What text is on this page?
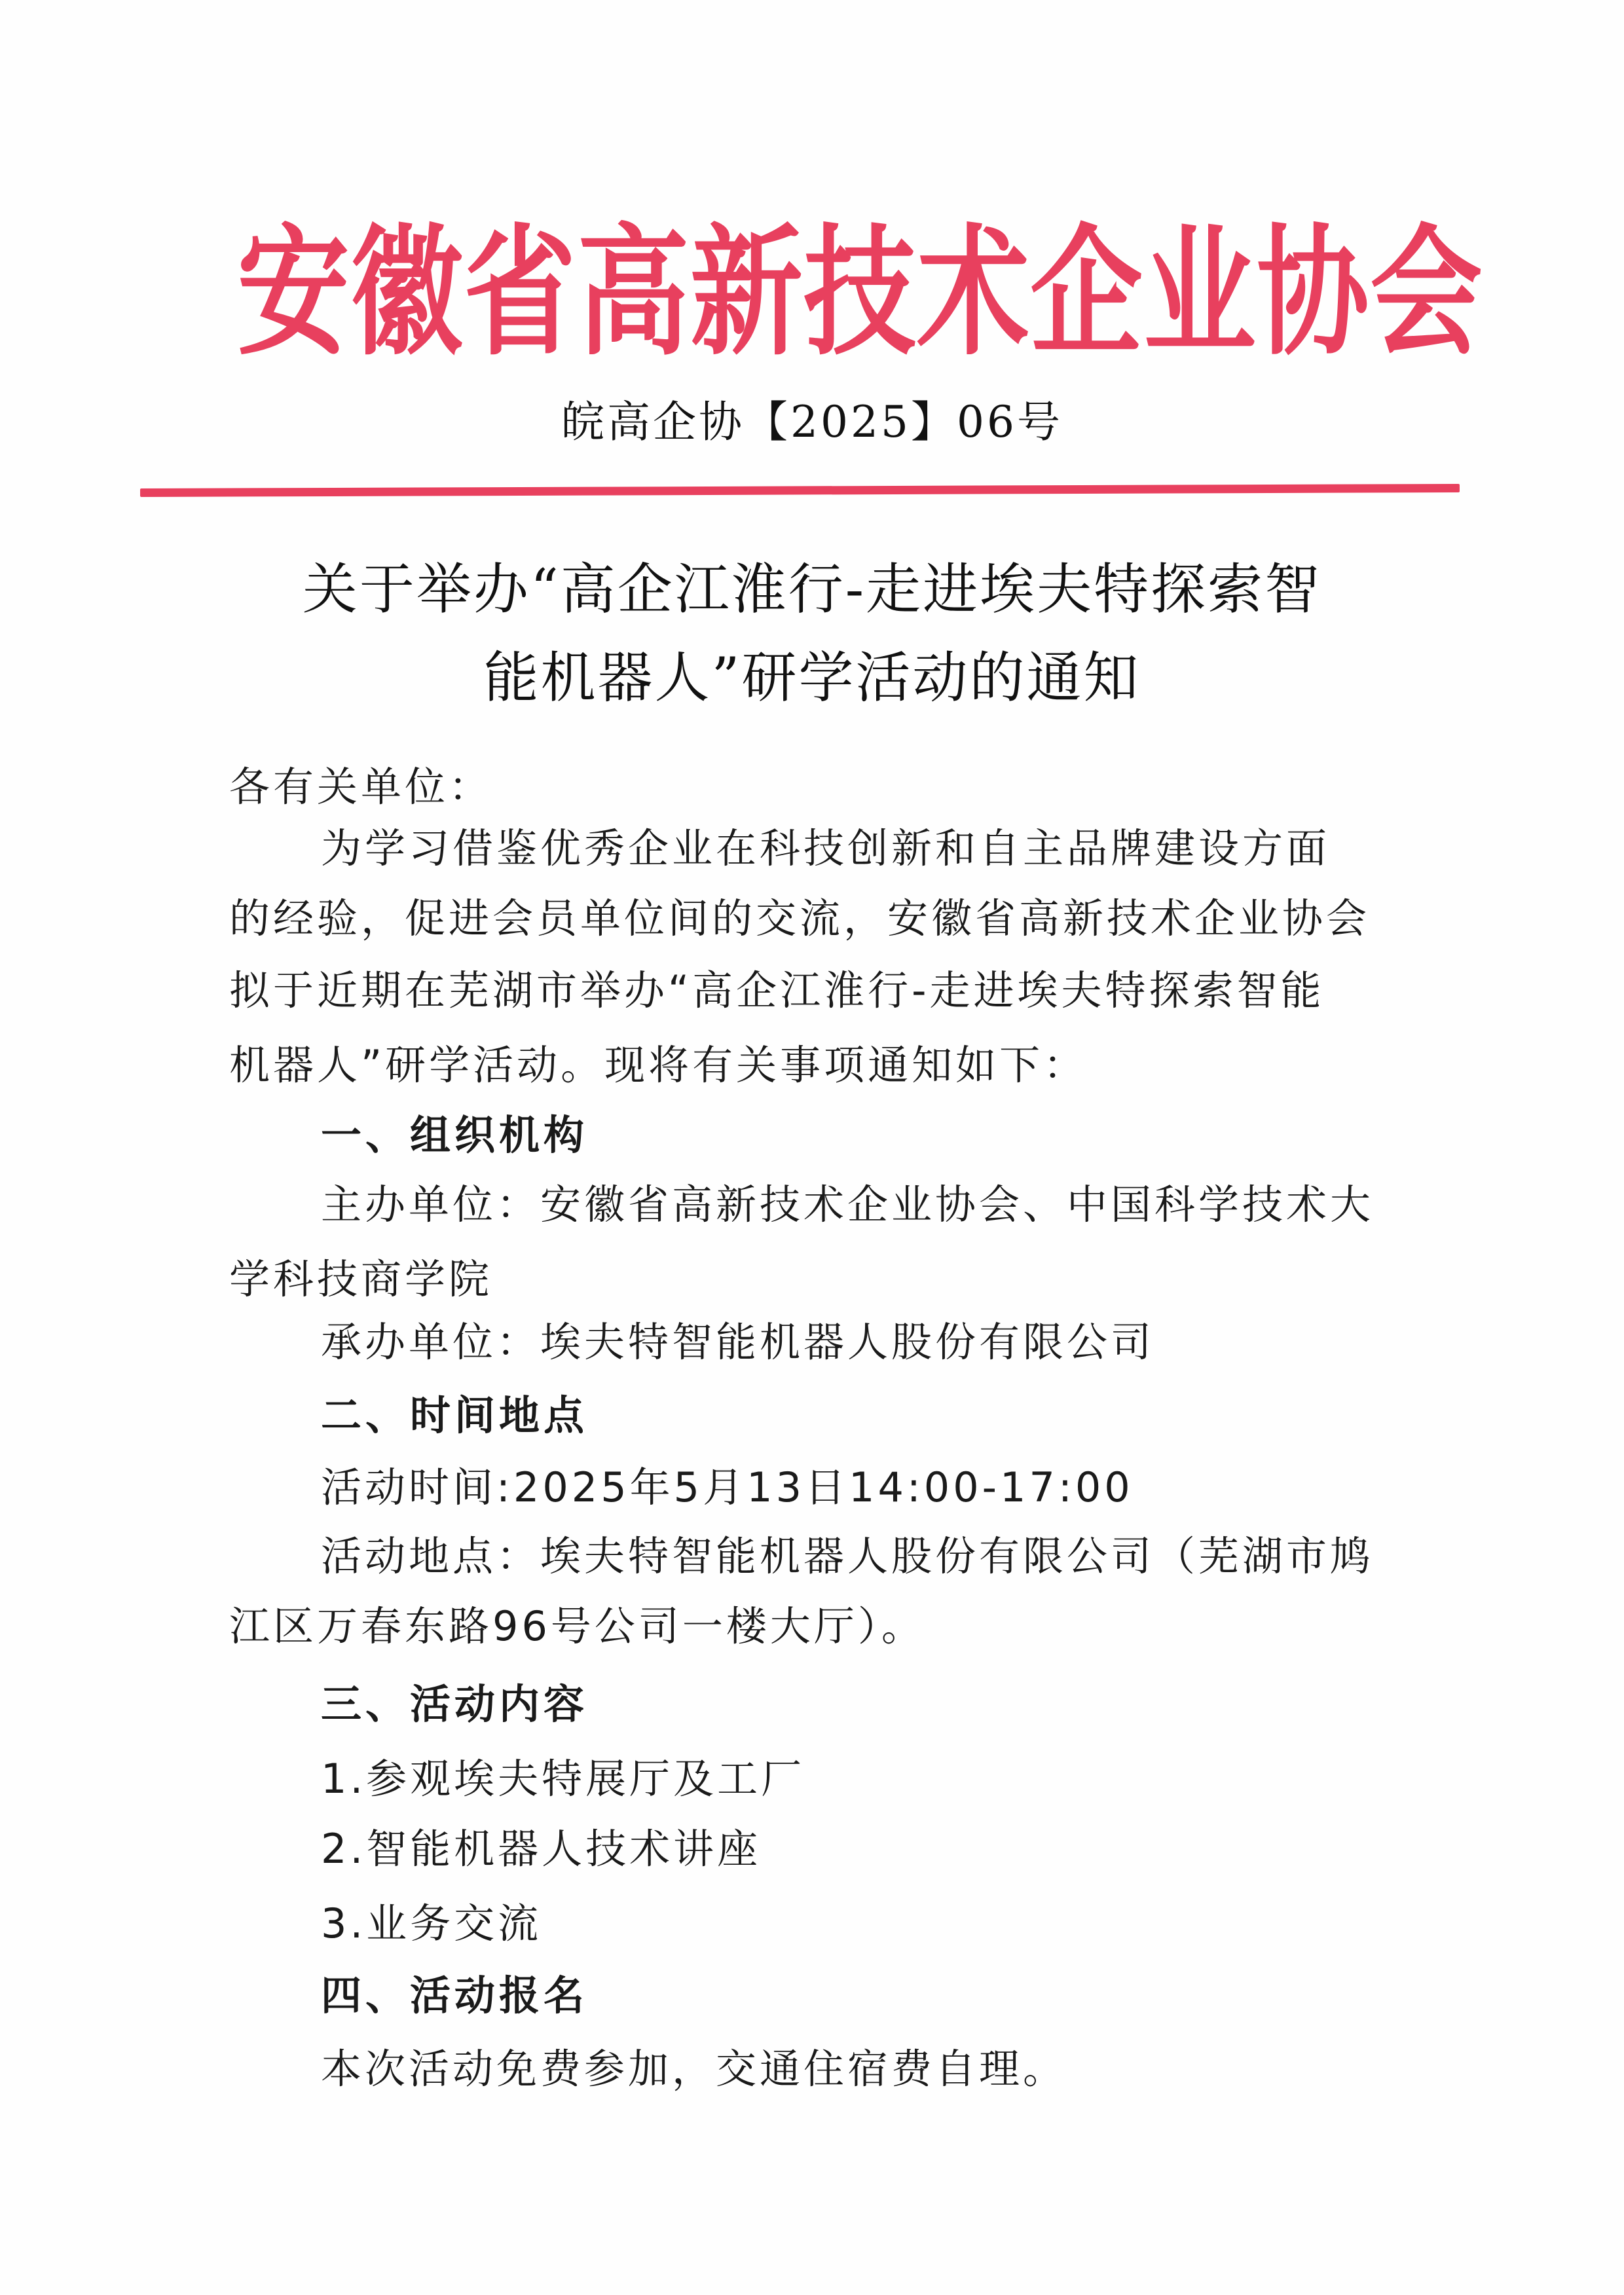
安 徽 省 高 新 技 术 企 业 协 会
皖高企协【2025】06号
关于举办“高企江淮行-走进埃夫特探索智
能机器人”研学活动的通知
各有关单位：
为学习借鉴优秀企业在科技创新和自主品牌建设方面
的经验，促进会员单位间的交流，安徽省高新技术企业协会
拟于近期在芜湖市举办“高企江淮行-走进埃夫特探索智能
机器人”研学活动。现将有关事项通知如下：
一、组织机构
主办单位：安徽省高新技术企业协会、中国科学技术大
学科技商学院
承办单位：埃夫特智能机器人股份有限公司
二、时间地点
活动时间:2025年5月13日14:00-17:00
活动地点：埃夫特智能机器人股份有限公司（芜湖市鸠
江区万春东路96号公司一楼大厅）。
三、活动内容
1.参观埃夫特展厅及工厂
2.智能机器人技术讲座
3.业务交流
四、活动报名
本次活动免费参加，交通住宿费自理。
